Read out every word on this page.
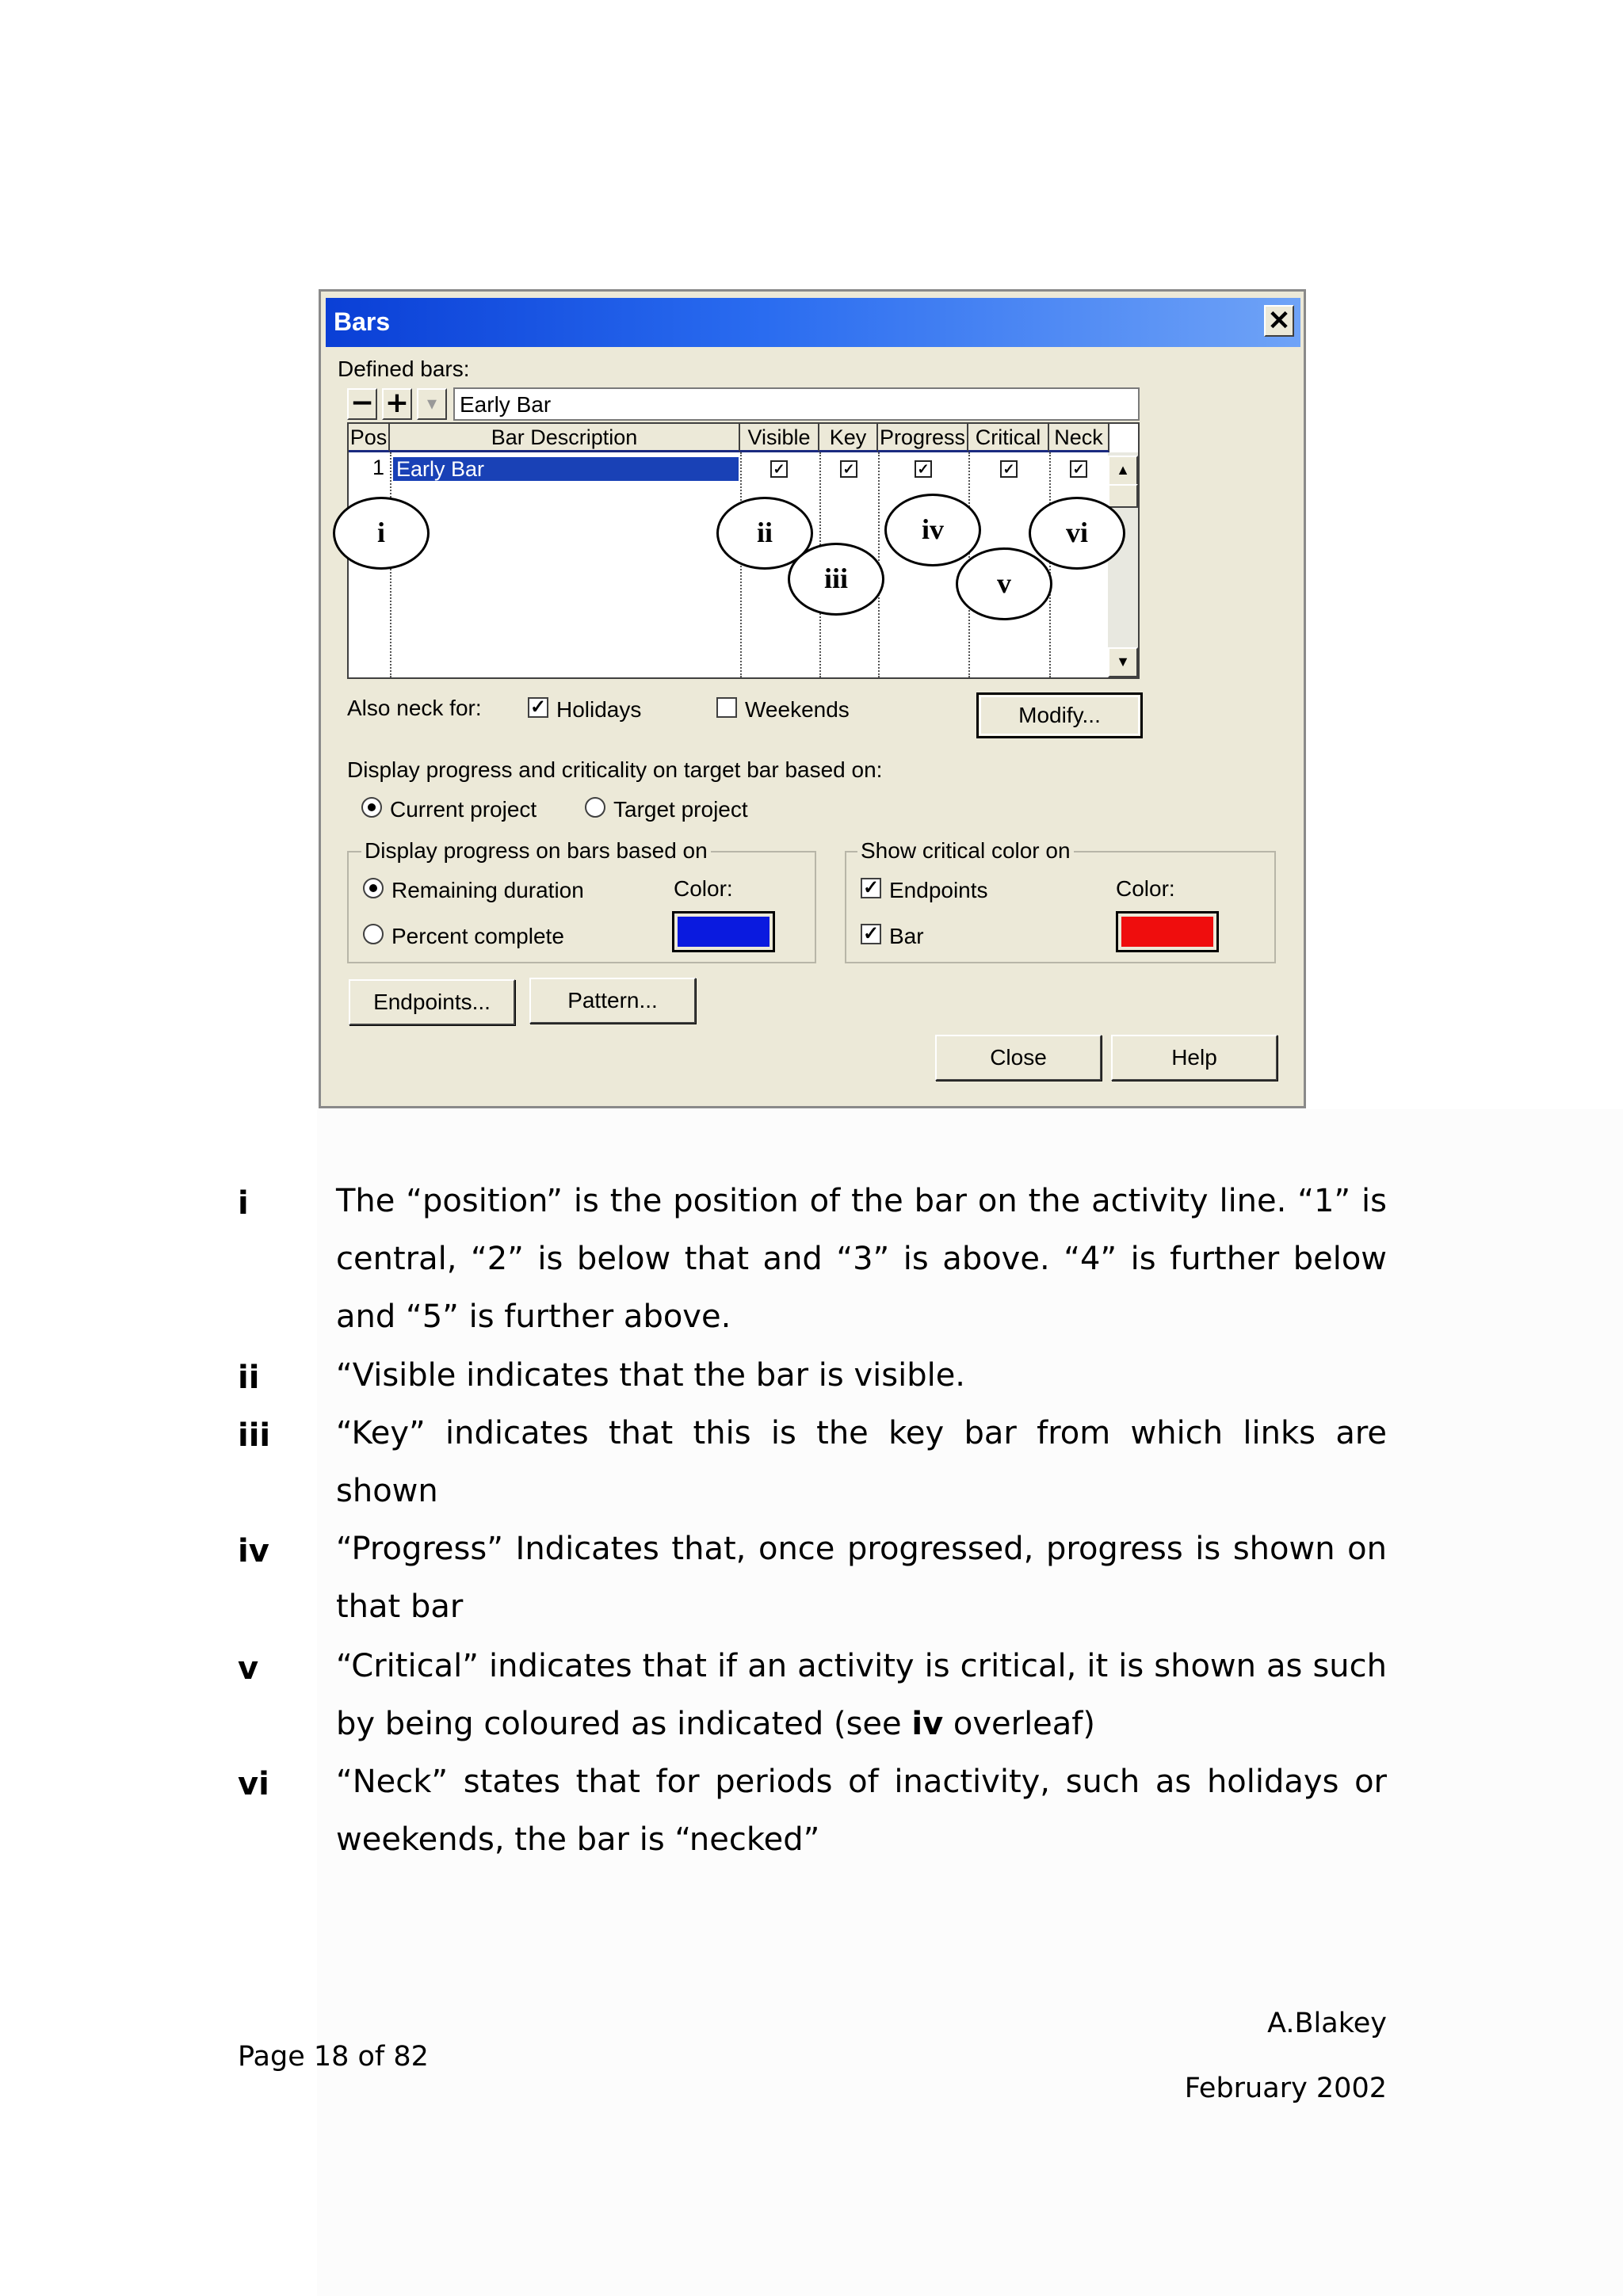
Bars	✕
Defined bars:
− + ▾	Early Bar
Pos	Bar Description	Visible Key Progress Critical Neck
1 Early Bar	✓	✓	✓	✓	✓	▲
▼
i	ii
iii
iv
v
vi
Also neck for:	✓ Holidays	Weekends	Modify...
Display progress and criticality on target bar based on:
Current project	Target project
Display progress on bars based on
Remaining duration
Percent complete
Color:
Show critical color on
✓ Endpoints
✓ Bar
Color:
Endpoints...	Pattern...
Close	Help
i	The “position” is the position of the bar on the activity line. “1” is central, “2” is below that and “3” is above. “4” is further below and “5” is further above.
ii “Visible indicates that the bar is visible.
iii “Key” indicates that this is the key bar from which links are shown
iv “Progress” Indicates that, once progressed, progress is shown on that bar
v “Critical” indicates that if an activity is critical, it is shown as such by being coloured as indicated (see iv overleaf)
vi “Neck” states that for periods of inactivity, such as holidays or weekends, the bar is “necked”
Page 18 of 82
A.Blakey
February 2002
